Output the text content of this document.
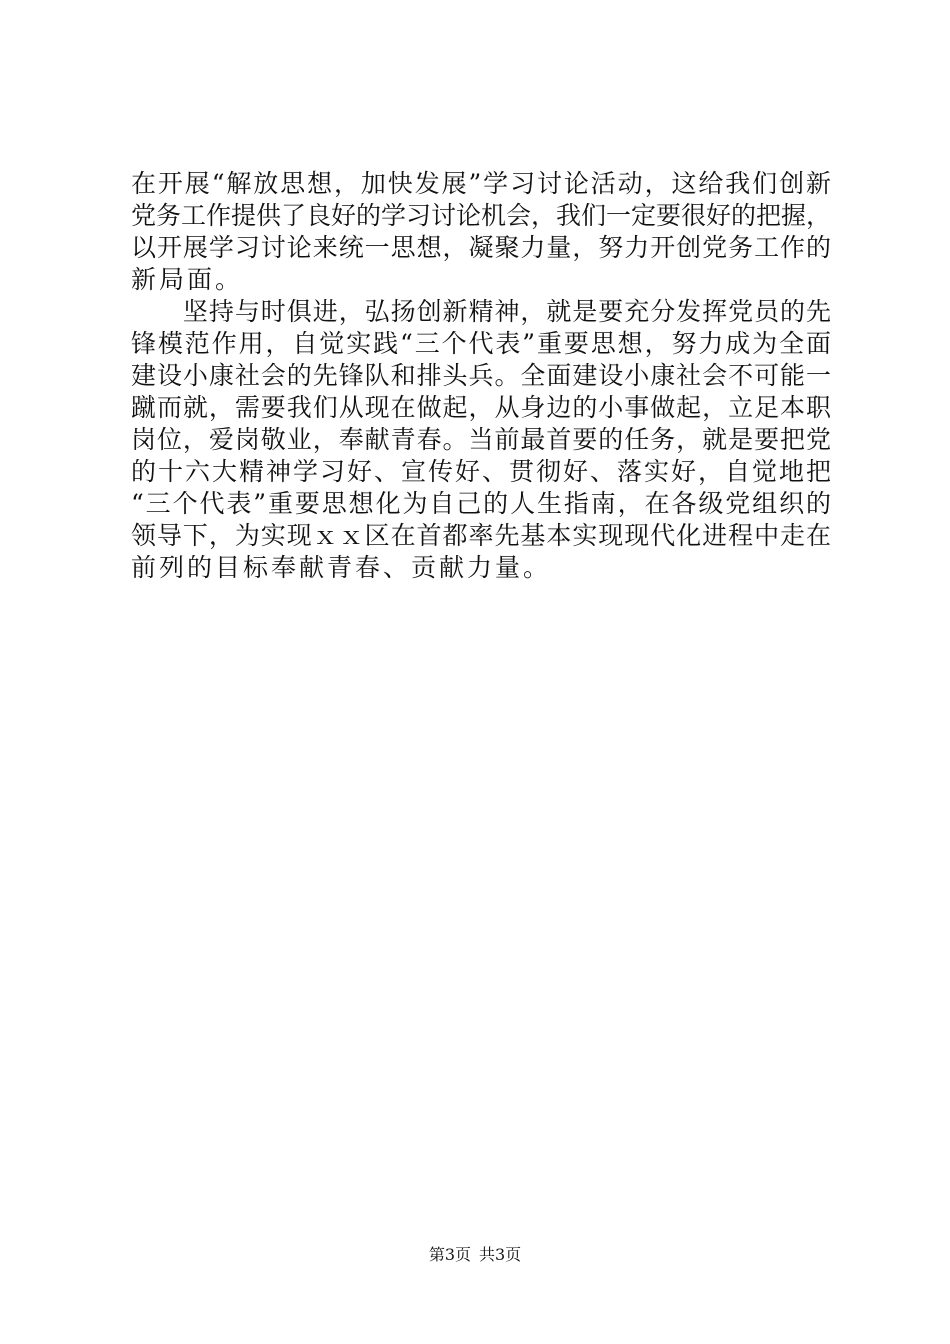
在开展“解放思想，加快发展”学习讨论活动，这给我们创新
党务工作提供了良好的学习讨论机会，我们一定要很好的把握，
以开展学习讨论来统一思想，凝聚力量，努力开创党务工作的
新局面。
　　坚持与时俱进，弘扬创新精神，就是要充分发挥党员的先
锋模范作用，自觉实践“三个代表”重要思想，努力成为全面
建设小康社会的先锋队和排头兵。全面建设小康社会不可能一
蹴而就，需要我们从现在做起，从身边的小事做起，立足本职
岗位，爱岗敬业，奉献青春。当前最首要的任务，就是要把党
的十六大精神学习好、宣传好、贯彻好、落实好，自觉地把
“三个代表”重要思想化为自己的人生指南，在各级党组织的
领导下，为实现ｘｘ区在首都率先基本实现现代化进程中走在
前列的目标奉献青春、贡献力量。
第3页 共3页
